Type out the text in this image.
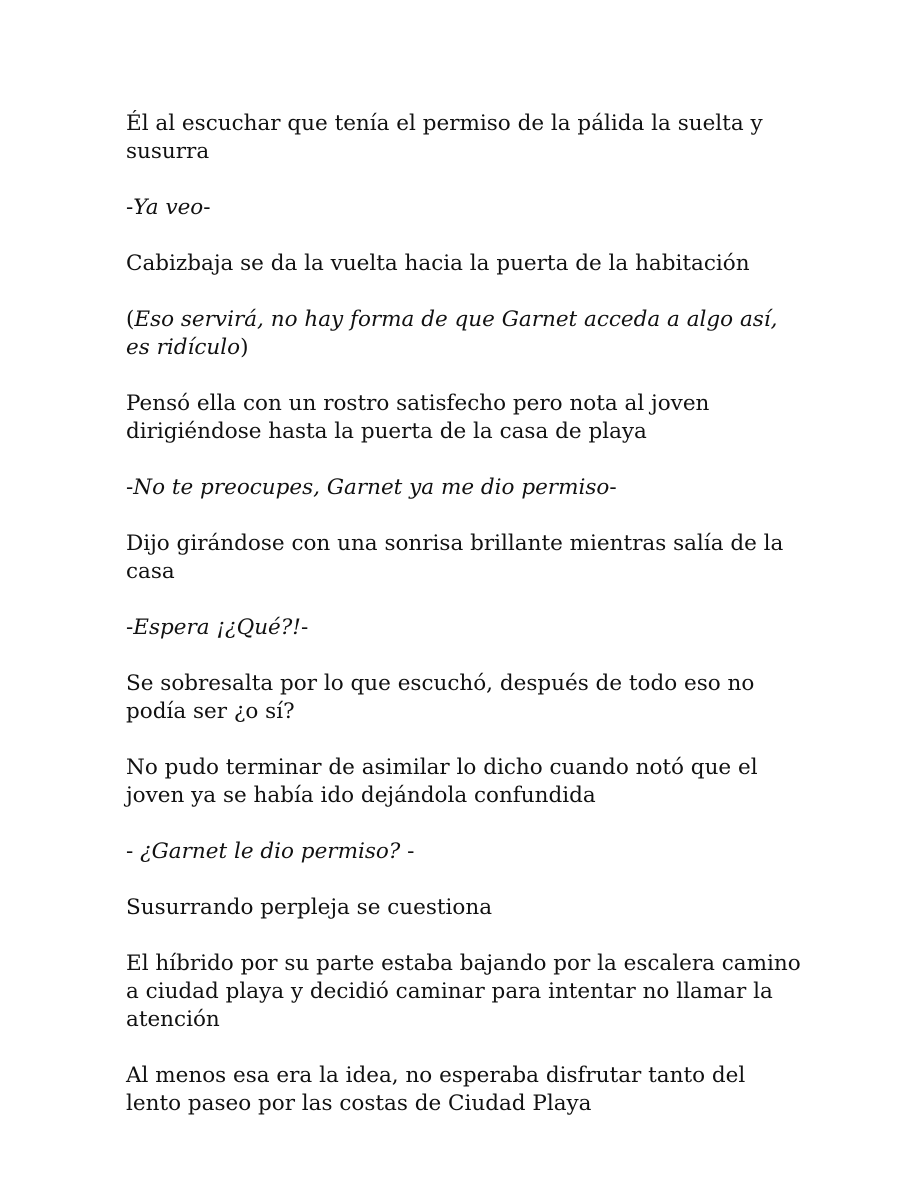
Él al escuchar que tenía el permiso de la pálida la suelta y susurra

-Ya veo-

Cabizbaja se da la vuelta hacia la puerta de la habitación

(Eso servirá, no hay forma de que Garnet acceda a algo así, es ridículo)

Pensó ella con un rostro satisfecho pero nota al joven dirigiéndose hasta la puerta de la casa de playa

-No te preocupes, Garnet ya me dio permiso-

Dijo girándose con una sonrisa brillante mientras salía de la casa

-Espera ¡¿Qué?!-

Se sobresalta por lo que escuchó, después de todo eso no podía ser ¿o sí?

No pudo terminar de asimilar lo dicho cuando notó que el joven ya se había ido dejándola confundida

- ¿Garnet le dio permiso? -

Susurrando perpleja se cuestiona

El híbrido por su parte estaba bajando por la escalera camino a ciudad playa y decidió caminar para intentar no llamar la atención

Al menos esa era la idea, no esperaba disfrutar tanto del lento paseo por las costas de Ciudad Playa
